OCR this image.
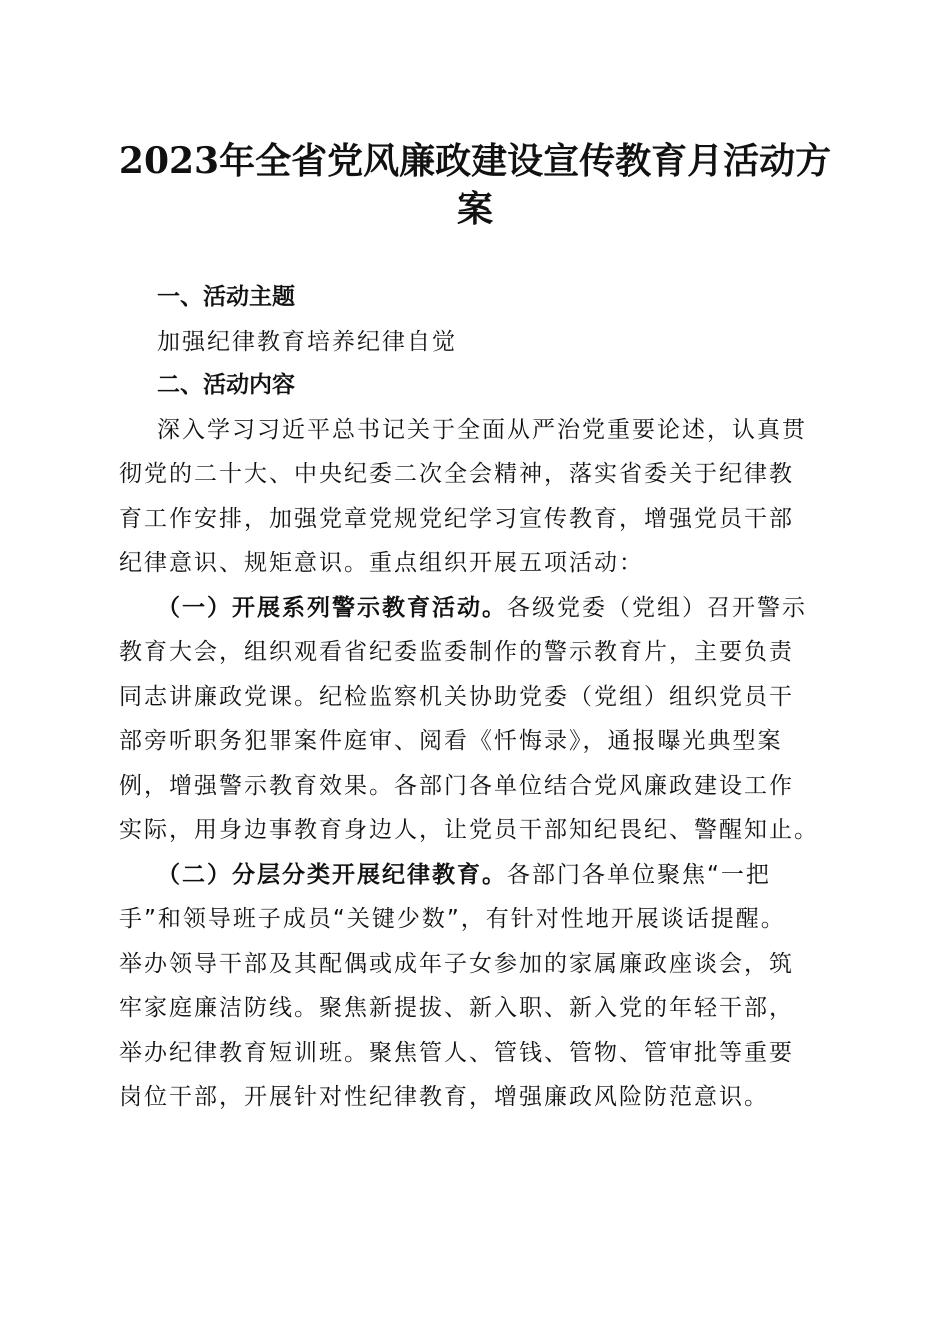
2023年全省党风廉政建设宣传教育月活动方
案

一、活动主题

加强纪律教育培养纪律自觉

二、活动内容

深入学习习近平总书记关于全面从严治党重要论述，认真贯

彻党的二十大、中央纪委二次全会精神，落实省委关于纪律教

育工作安排，加强党章党规党纪学习宣传教育，增强党员干部

纪律意识、规矩意识。重点组织开展五项活动：

（一）开展系列警示教育活动。各级党委（党组）召开警示

教育大会，组织观看省纪委监委制作的警示教育片，主要负责

同志讲廉政党课。纪检监察机关协助党委（党组）组织党员干

部旁听职务犯罪案件庭审、阅看《忏悔录》，通报曝光典型案

例，增强警示教育效果。各部门各单位结合党风廉政建设工作

实际，用身边事教育身边人，让党员干部知纪畏纪、警醒知止。

（二）分层分类开展纪律教育。各部门各单位聚焦“一把

手”和领导班子成员“关键少数”，有针对性地开展谈话提醒。

举办领导干部及其配偶或成年子女参加的家属廉政座谈会，筑

牢家庭廉洁防线。聚焦新提拔、新入职、新入党的年轻干部，

举办纪律教育短训班。聚焦管人、管钱、管物、管审批等重要

岗位干部，开展针对性纪律教育，增强廉政风险防范意识。
